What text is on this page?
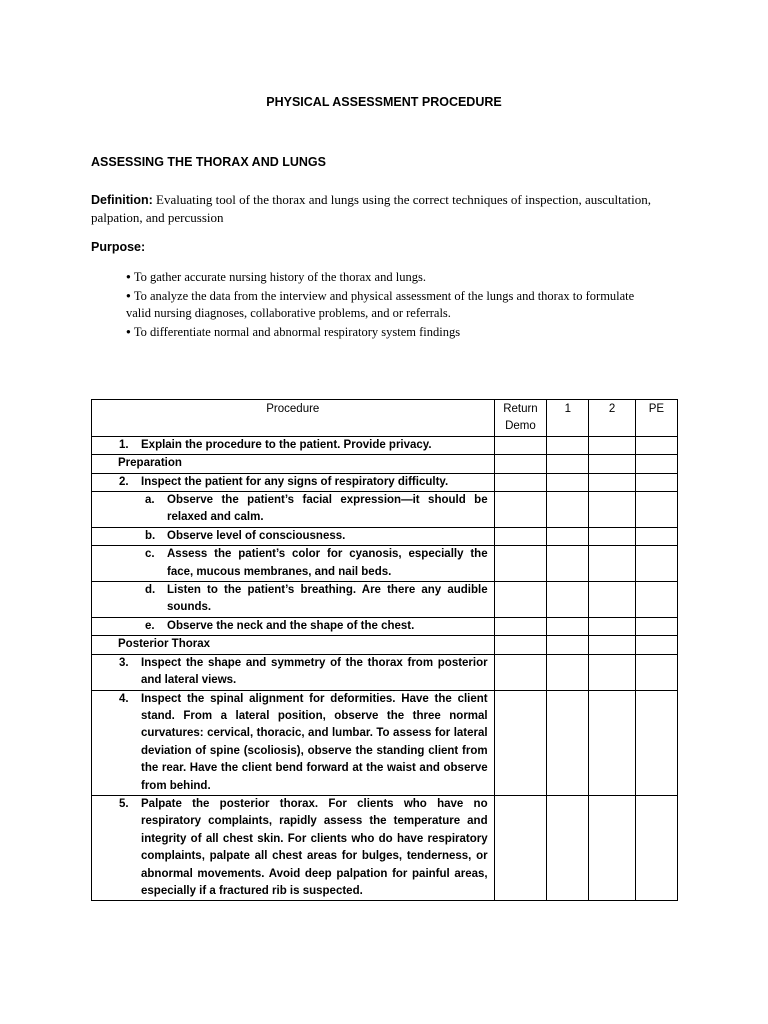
PHYSICAL ASSESSMENT PROCEDURE
ASSESSING THE THORAX AND LUNGS
Definition: Evaluating tool of the thorax and lungs using the correct techniques of inspection, auscultation, palpation, and percussion
Purpose:
● To gather accurate nursing history of the thorax and lungs.
● To analyze the data from the interview and physical assessment of the lungs and thorax to formulate valid nursing diagnoses, collaborative problems, and or referrals.
● To differentiate normal and abnormal respiratory system findings
Procedure	Return Demo	1	2	PE

1. Explain the procedure to the patient. Provide privacy.				

Preparation				

2. Inspect the patient for any signs of respiratory difficulty.				

a. Observe the patient’s facial expression—it should be relaxed and calm.				

b. Observe level of consciousness.				

c. Assess the patient’s color for cyanosis, especially the face, mucous membranes, and nail beds.				

d. Listen to the patient’s breathing. Are there any audible sounds.				

e. Observe the neck and the shape of the chest.				

Posterior Thorax				

3. Inspect the shape and symmetry of the thorax from posterior and lateral views.				

4. Inspect the spinal alignment for deformities. Have the client stand. From a lateral position, observe the three normal curvatures: cervical, thoracic, and lumbar. To assess for lateral deviation of spine (scoliosis), observe the standing client from the rear. Have the client bend forward at the waist and observe from behind.				

5. Palpate the posterior thorax. For clients who have no respiratory complaints, rapidly assess the temperature and integrity of all chest skin. For clients who do have respiratory complaints, palpate all chest areas for bulges, tenderness, or abnormal movements. Avoid deep palpation for painful areas, especially if a fractured rib is suspected.				
